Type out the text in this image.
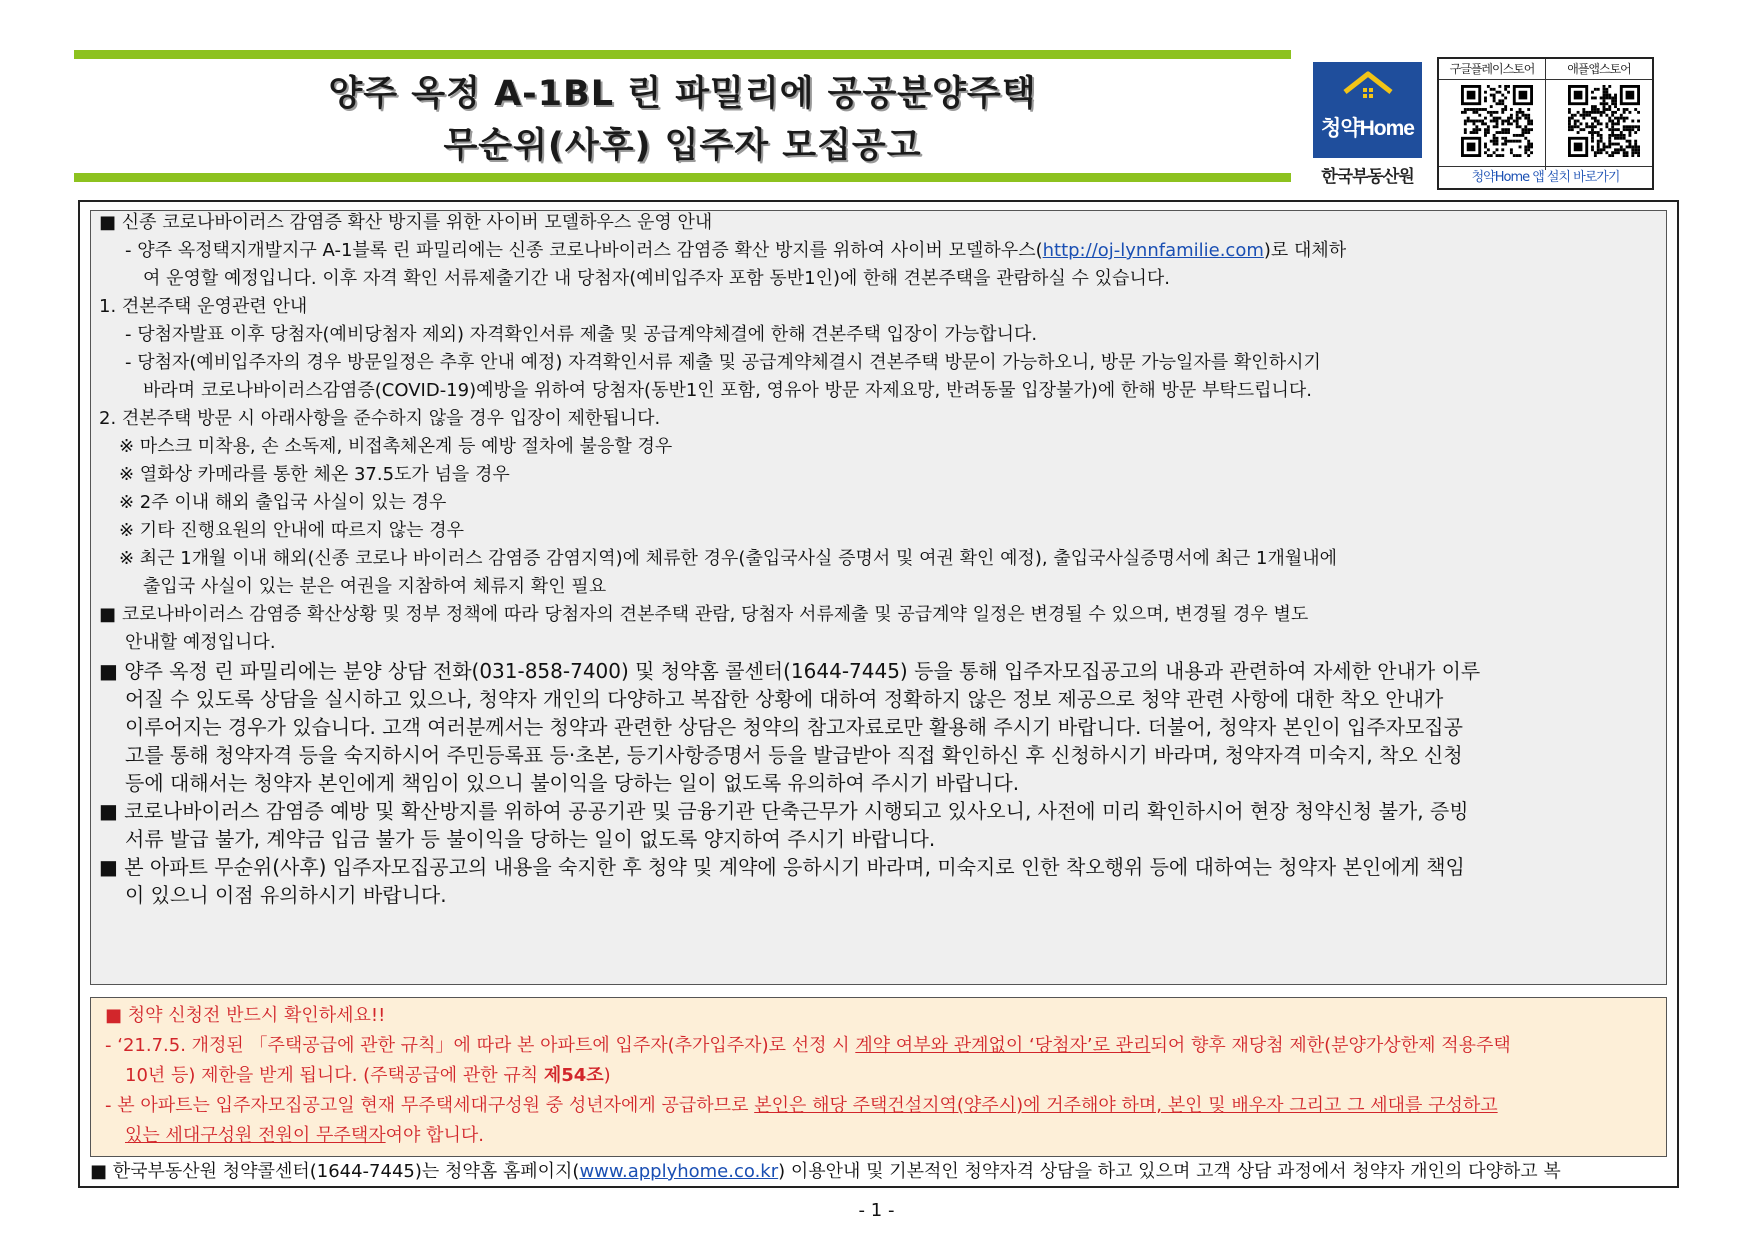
양주 옥정 A-1BL 린 파밀리에 공공분양주택
무순위(사후) 입주자 모집공고	청약Home
한국부동산원
구글플레이스토어	애플앱스토어
청약Home 앱 설치 바로가기
■ 신종 코로나바이러스 감염증 확산 방지를 위한 사이버 모델하우스 운영 안내
- 양주 옥정택지개발지구 A-1블록 린 파밀리에는 신종 코로나바이러스 감염증 확산 방지를 위하여 사이버 모델하우스(http://oj-lynnfamilie.com)로 대체하
여 운영할 예정입니다. 이후 자격 확인 서류제출기간 내 당첨자(예비입주자 포함 동반1인)에 한해 견본주택을 관람하실 수 있습니다.
1. 견본주택 운영관련 안내
- 당첨자발표 이후 당첨자(예비당첨자 제외) 자격확인서류 제출 및 공급계약체결에 한해 견본주택 입장이 가능합니다.
- 당첨자(예비입주자의 경우 방문일정은 추후 안내 예정) 자격확인서류 제출 및 공급계약체결시 견본주택 방문이 가능하오니, 방문 가능일자를 확인하시기
바라며 코로나바이러스감염증(COVID-19)예방을 위하여 당첨자(동반1인 포함, 영유아 방문 자제요망, 반려동물 입장불가)에 한해 방문 부탁드립니다.
2. 견본주택 방문 시 아래사항을 준수하지 않을 경우 입장이 제한됩니다.
※ 마스크 미착용, 손 소독제, 비접촉체온계 등 예방 절차에 불응할 경우
※ 열화상 카메라를 통한 체온 37.5도가 넘을 경우
※ 2주 이내 해외 출입국 사실이 있는 경우
※ 기타 진행요원의 안내에 따르지 않는 경우
※ 최근 1개월 이내 해외(신종 코로나 바이러스 감염증 감염지역)에 체류한 경우(출입국사실 증명서 및 여권 확인 예정), 출입국사실증명서에 최근 1개월내에
출입국 사실이 있는 분은 여권을 지참하여 체류지 확인 필요
■ 코로나바이러스 감염증 확산상황 및 정부 정책에 따라 당첨자의 견본주택 관람, 당첨자 서류제출 및 공급계약 일정은 변경될 수 있으며, 변경될 경우 별도
안내할 예정입니다.
■ 양주 옥정 린 파밀리에는 분양 상담 전화(031-858-7400) 및 청약홈 콜센터(1644-7445) 등을 통해 입주자모집공고의 내용과 관련하여 자세한 안내가 이루
어질 수 있도록 상담을 실시하고 있으나, 청약자 개인의 다양하고 복잡한 상황에 대하여 정확하지 않은 정보 제공으로 청약 관련 사항에 대한 착오 안내가
이루어지는 경우가 있습니다. 고객 여러분께서는 청약과 관련한 상담은 청약의 참고자료로만 활용해 주시기 바랍니다. 더불어, 청약자 본인이 입주자모집공
고를 통해 청약자격 등을 숙지하시어 주민등록표 등·초본, 등기사항증명서 등을 발급받아 직접 확인하신 후 신청하시기 바라며, 청약자격 미숙지, 착오 신청
등에 대해서는 청약자 본인에게 책임이 있으니 불이익을 당하는 일이 없도록 유의하여 주시기 바랍니다.
■ 코로나바이러스 감염증 예방 및 확산방지를 위하여 공공기관 및 금융기관 단축근무가 시행되고 있사오니, 사전에 미리 확인하시어 현장 청약신청 불가, 증빙
서류 발급 불가, 계약금 입금 불가 등 불이익을 당하는 일이 없도록 양지하여 주시기 바랍니다.
■ 본 아파트 무순위(사후) 입주자모집공고의 내용을 숙지한 후 청약 및 계약에 응하시기 바라며, 미숙지로 인한 착오행위 등에 대하여는 청약자 본인에게 책임
이 있으니 이점 유의하시기 바랍니다.
■ 청약 신청전 반드시 확인하세요!!
- ‘21.7.5. 개정된 「주택공급에 관한 규칙」에 따라 본 아파트에 입주자(추가입주자)로 선정 시 계약 여부와 관계없이 ‘당첨자’로 관리되어 향후 재당첨 제한(분양가상한제 적용주택
10년 등) 제한을 받게 됩니다. (주택공급에 관한 규칙 제54조)
- 본 아파트는 입주자모집공고일 현재 무주택세대구성원 중 성년자에게 공급하므로 본인은 해당 주택건설지역(양주시)에 거주해야 하며, 본인 및 배우자 그리고 그 세대를 구성하고
있는 세대구성원 전원이 무주택자여야 합니다.
■ 한국부동산원 청약콜센터(1644-7445)는 청약홈 홈페이지(www.applyhome.co.kr) 이용안내 및 기본적인 청약자격 상담을 하고 있으며 고객 상담 과정에서 청약자 개인의 다양하고 복
- 1 -
